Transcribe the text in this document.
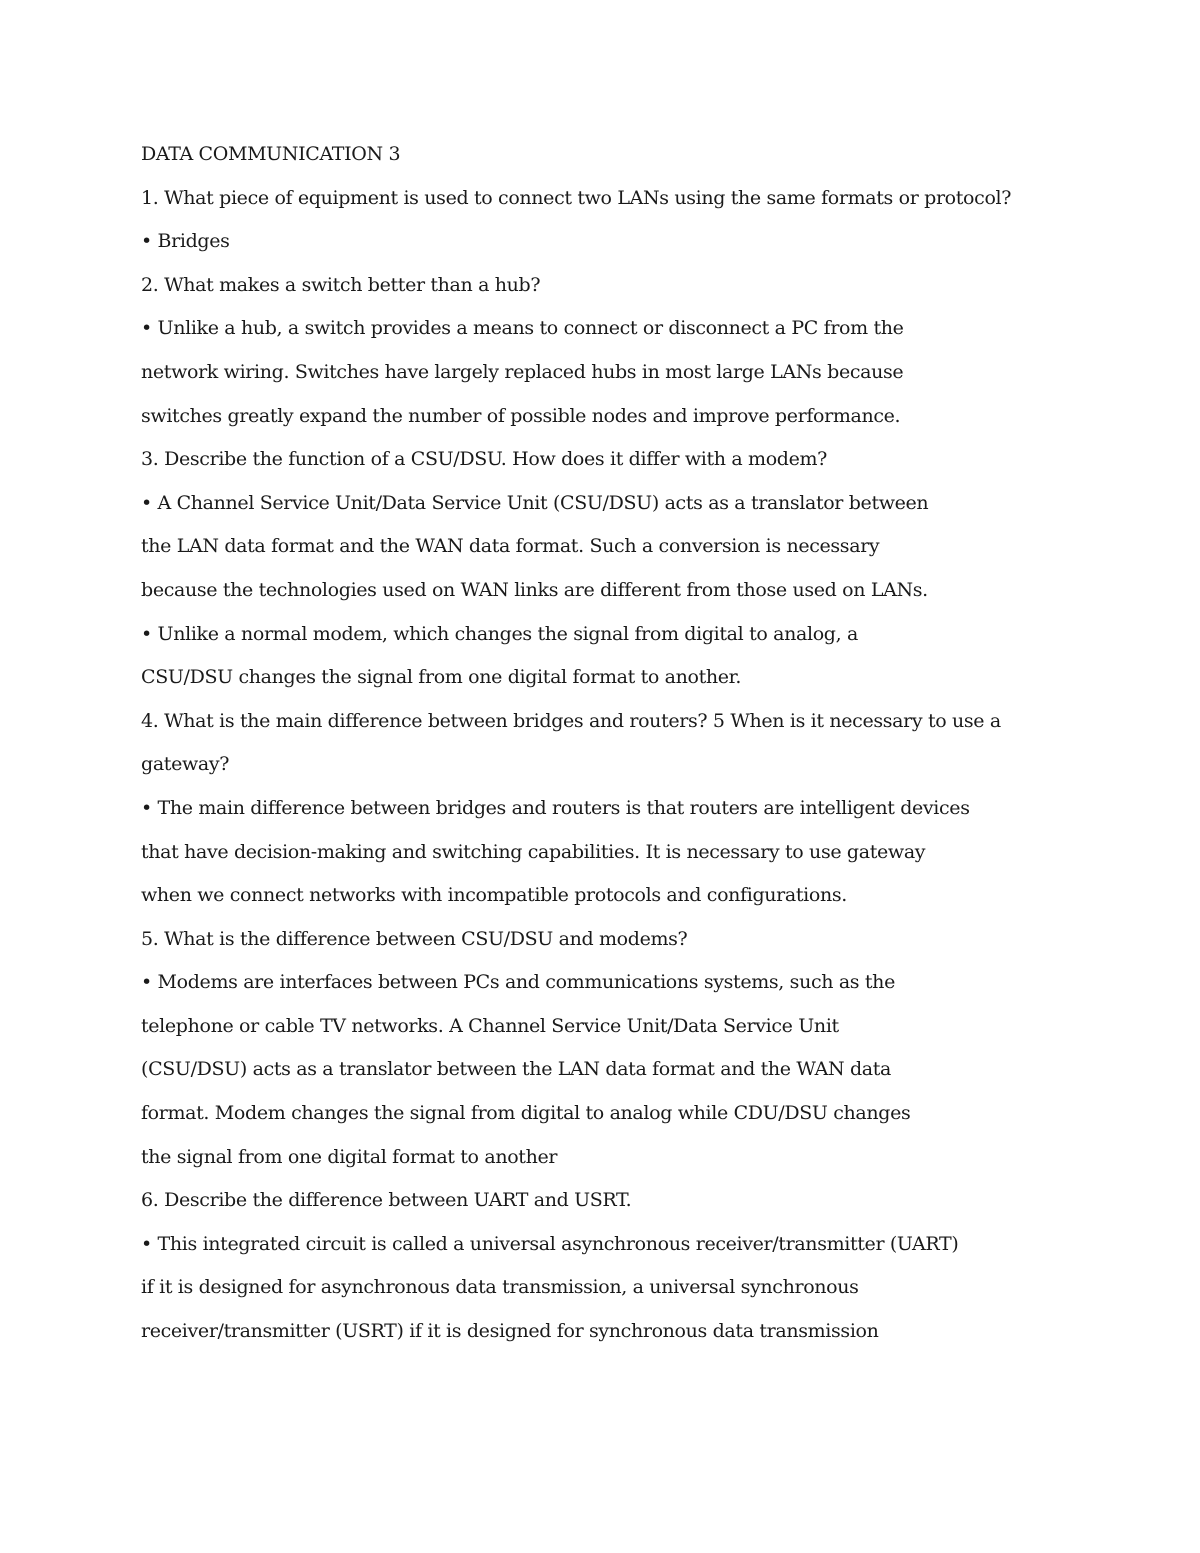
DATA COMMUNICATION 3
1. What piece of equipment is used to connect two LANs using the same formats or protocol?
• Bridges
2. What makes a switch better than a hub?
• Unlike a hub, a switch provides a means to connect or disconnect a PC from the
network wiring. Switches have largely replaced hubs in most large LANs because
switches greatly expand the number of possible nodes and improve performance.
3. Describe the function of a CSU/DSU. How does it differ with a modem?
• A Channel Service Unit/Data Service Unit (CSU/DSU) acts as a translator between
the LAN data format and the WAN data format. Such a conversion is necessary
because the technologies used on WAN links are different from those used on LANs.
• Unlike a normal modem, which changes the signal from digital to analog, a
CSU/DSU changes the signal from one digital format to another.
4. What is the main difference between bridges and routers? 5 When is it necessary to use a
gateway?
• The main difference between bridges and routers is that routers are intelligent devices
that have decision-making and switching capabilities. It is necessary to use gateway
when we connect networks with incompatible protocols and configurations.
5. What is the difference between CSU/DSU and modems?
• Modems are interfaces between PCs and communications systems, such as the
telephone or cable TV networks. A Channel Service Unit/Data Service Unit
(CSU/DSU) acts as a translator between the LAN data format and the WAN data
format. Modem changes the signal from digital to analog while CDU/DSU changes
the signal from one digital format to another
6. Describe the difference between UART and USRT.
• This integrated circuit is called a universal asynchronous receiver/transmitter (UART)
if it is designed for asynchronous data transmission, a universal synchronous
receiver/transmitter (USRT) if it is designed for synchronous data transmission
